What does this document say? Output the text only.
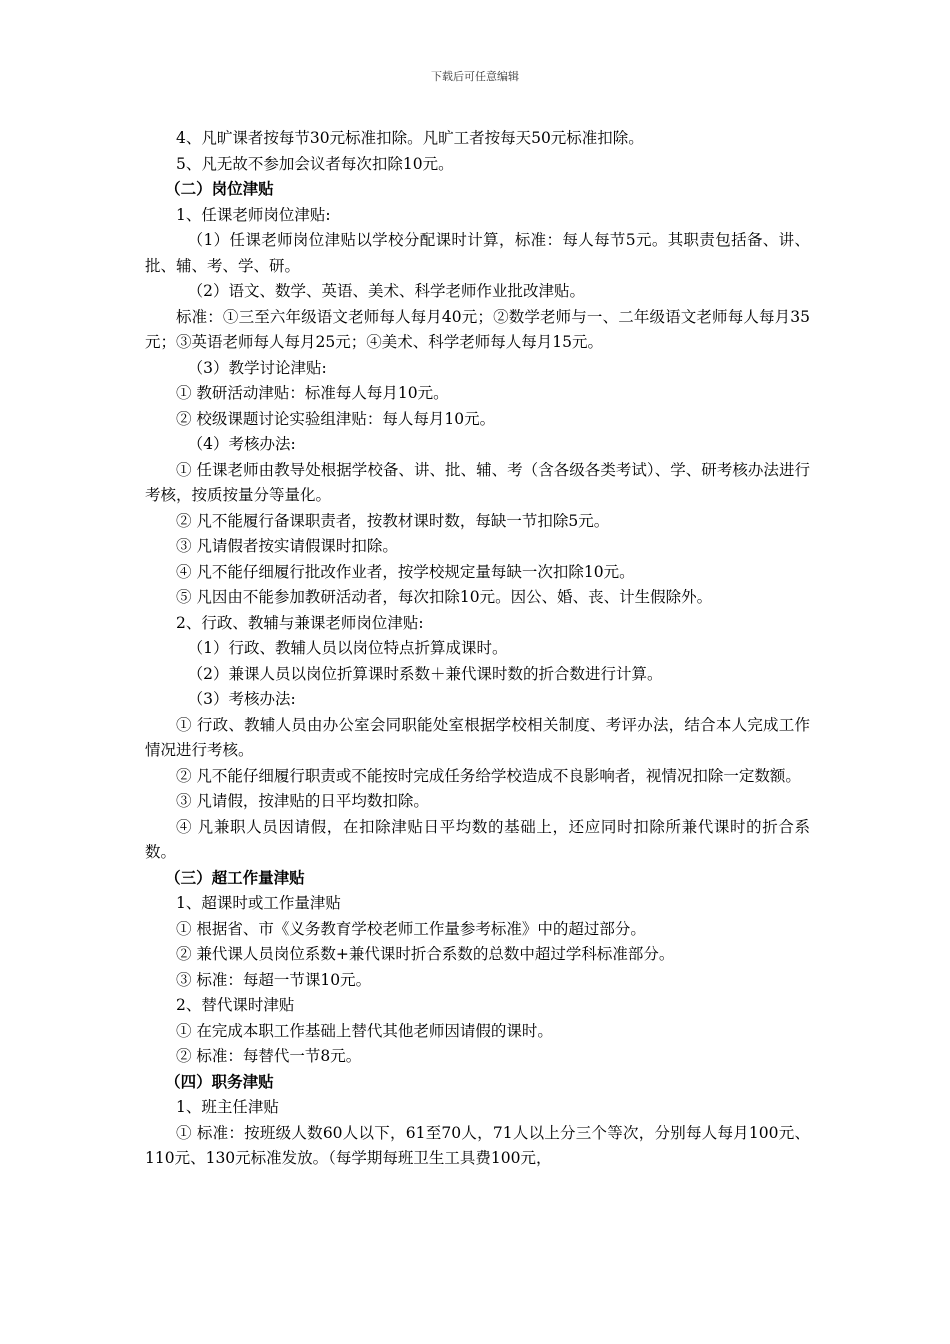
下载后可任意编辑

4、凡旷课者按每节30元标准扣除。凡旷工者按每天50元标准扣除。

5、凡无故不参加会议者每次扣除10元。

（二）岗位津贴

1、任课老师岗位津贴:

（1）任课老师岗位津贴以学校分配课时计算，标准：每人每节5元。其职责包括备、讲、批、辅、考、学、研。

（2）语文、数学、英语、美术、科学老师作业批改津贴。

标准：①三至六年级语文老师每人每月40元；②数学老师与一、二年级语文老师每人每月35元；③英语老师每人每月25元；④美术、科学老师每人每月15元。

（3）教学讨论津贴:

① 教研活动津贴：标准每人每月10元。

② 校级课题讨论实验组津贴：每人每月10元。

（4）考核办法:

① 任课老师由教导处根据学校备、讲、批、辅、考（含各级各类考试）、学、研考核办法进行考核，按质按量分等量化。

② 凡不能履行备课职责者，按教材课时数，每缺一节扣除5元。

③ 凡请假者按实请假课时扣除。

④ 凡不能仔细履行批改作业者，按学校规定量每缺一次扣除10元。

⑤ 凡因由不能参加教研活动者，每次扣除10元。因公、婚、丧、计生假除外。

2、行政、教辅与兼课老师岗位津贴:

（1）行政、教辅人员以岗位特点折算成课时。

（2）兼课人员以岗位折算课时系数＋兼代课时数的折合数进行计算。

（3）考核办法:

① 行政、教辅人员由办公室会同职能处室根据学校相关制度、考评办法，结合本人完成工作情况进行考核。

② 凡不能仔细履行职责或不能按时完成任务给学校造成不良影响者，视情况扣除一定数额。

③ 凡请假，按津贴的日平均数扣除。

④ 凡兼职人员因请假，在扣除津贴日平均数的基础上，还应同时扣除所兼代课时的折合系数。

（三）超工作量津贴

1、超课时或工作量津贴

① 根据省、市《义务教育学校老师工作量参考标准》中的超过部分。

② 兼代课人员岗位系数+兼代课时折合系数的总数中超过学科标准部分。

③ 标准：每超一节课10元。

2、替代课时津贴

① 在完成本职工作基础上替代其他老师因请假的课时。

② 标准：每替代一节8元。

（四）职务津贴

1、班主任津贴

① 标准：按班级人数60人以下，61至70人，71人以上分三个等次，分别每人每月100元、110元、130元标准发放。（每学期每班卫生工具费100元，
